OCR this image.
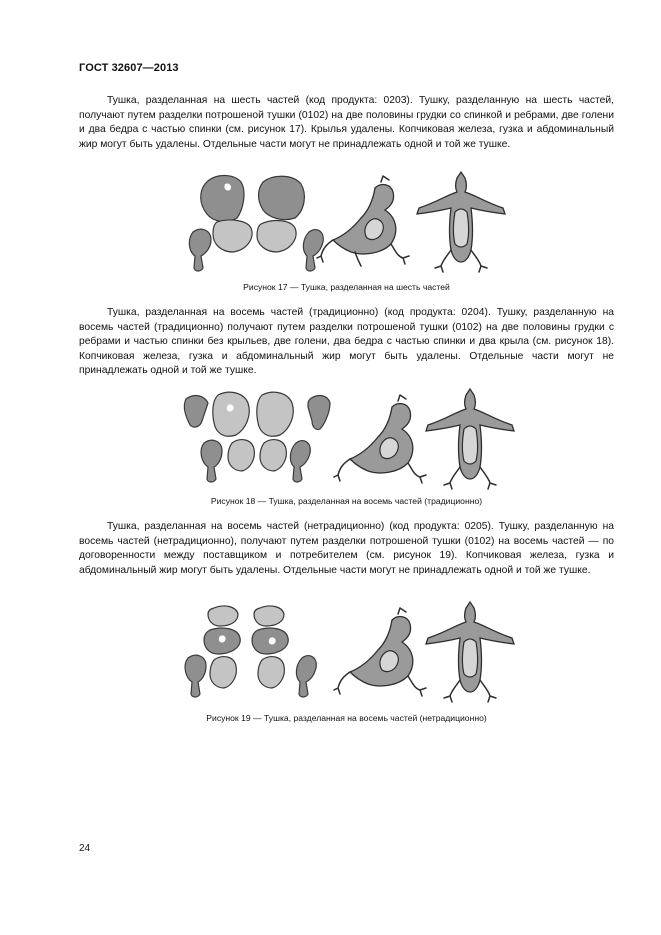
ГОСТ 32607—2013

Тушка, разделанная на шесть частей (код продукта: 0203). Тушку, разделанную на шесть частей, получают путем разделки потрошеной тушки (0102) на две половины грудки со спинкой и ребрами, две голени и два бедра с частью спинки (см. рисунок 17). Крылья удалены. Копчиковая железа, гузка и абдоминальный жир могут быть удалены. Отдельные части могут не принадлежать одной и той же тушке.

Рисунок 17 — Тушка, разделанная на шесть частей

Тушка, разделанная на восемь частей (традиционно) (код продукта: 0204). Тушку, разделанную на восемь частей (традиционно) получают путем разделки потрошеной тушки (0102) на две половины грудки с ребрами и частью спинки без крыльев, две голени, два бедра с частью спинки и два крыла (см. рисунок 18). Копчиковая железа, гузка и абдоминальный жир могут быть удалены. Отдельные части могут не принадлежать одной и той же тушке.

Рисунок 18 — Тушка, разделанная на восемь частей (традиционно)

Тушка, разделанная на восемь частей (нетрадиционно) (код продукта: 0205). Тушку, разделанную на восемь частей (нетрадиционно), получают путем разделки потрошеной тушки (0102) на восемь частей — по договоренности между поставщиком и потребителем (см. рисунок 19). Копчиковая железа, гузка и абдоминальный жир могут быть удалены. Отдельные части могут не принадлежать одной и той же тушке.

Рисунок 19 — Тушка, разделанная на восемь частей (нетрадиционно)
24
